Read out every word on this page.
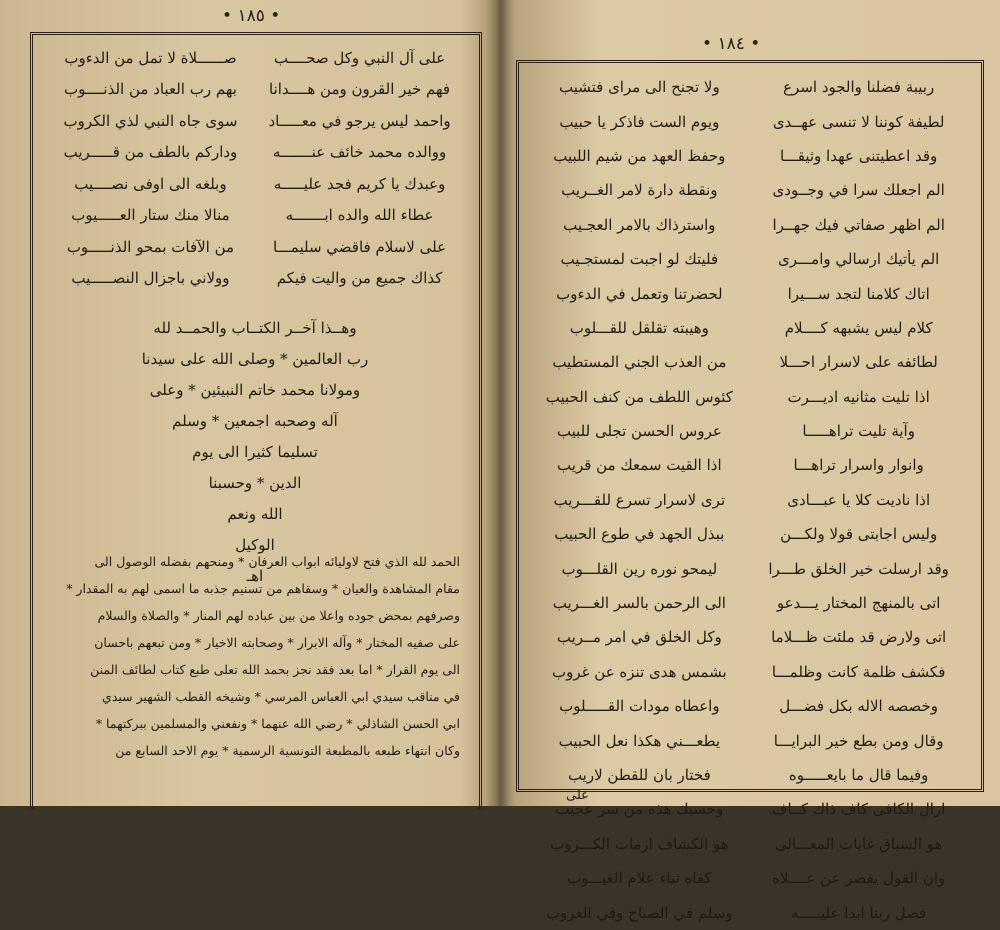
• ١٨٥ •
على آل النبي وكل صحــــب
صــــــلاة لا تمل من الدءوب
فهم خير القرون ومن هــــدانا
بهم رب العباد من الذنــــوب
واحمد ليس يرجو في معـــــاد
سوى جاه النبي لذي الكروب
ووالده محمد خائف عنـــــــه
وداركم بالطف من قـــــريب
وعبدك يا كريم فجد عليـــــه
وبلغه الى اوفى نصــــيب
عطاء الله والده ابـــــــه
منالا منك ستار العـــــيوب
على لاسلام فاقضي سليمـــا
من الآفات بمحو الذنـــــوب
كذاك جميع من واليت فيكم
وولاني باجزال النصـــــيب
وهــذا آخــر الكتــاب والحمــد لله
رب العالمين * وصلى الله على سيدنا
ومولانا محمد خاتم النبيئين * وعلى
آله وصحبه اجمعين * وسلم
تسليما كثيرا الى يوم
الدين * وحسبنا
الله ونعم
الوكيل
اهـ
الحمد لله الذي فتح لاوليائه ابواب العرفان * ومنحهم بفضله الوصول الى
مقام المشاهدة والعيان * وسقاهم من تسنيم جذبه ما اسمى لهم به المقدار *
وصرفهم بمحض جوده واعلا من بين عباده لهم المنار * والصلاة والسلام
على صفيه المختار * وآله الابرار * وصحابته الاخيار * ومن تبعهم باحسان
الى يوم القرار * اما بعد فقد نجز بحمد الله تعلى طبع كتاب لطائف المنن
في مناقب سيدي ابي العباس المرسي * وشيخه القطب الشهير سيدي
ابي الحسن الشاذلي * رضي الله عنهما * ونفعني والمسلمين ببركتهما *
وكان انتهاء طبعه بالمطبعة التونسية الرسمية * يوم الاحد السابع من
• ١٨٤ •
ربيبة فضلنا والجود اسرع
ولا تجنح الى مراى فتشيب
لطيفة كوننا لا تنسى عهــدى
ويوم الست فاذكر يا حبيب
وقد اعطيتنى عهدا وثيقـــا
وحفظ العهد من شيم اللبيب
الم اجعلك سرا في وجــودى
ونقطة دارة لامر الغــريب
الم اظهر صفاتي فيك جهــرا
واسترذاك بالامر العجـيب
الم يأتيك ارسالي وامـــرى
فليتك لو اجبت لمستجـيب
اتاك كلامنا لتجد ســـيرا
لحضرتنا وتعمل في الدءوب
كلام ليس يشبهه كــــلام
وهيبته تقلقل للقـــلوب
لطائفه على لاسرار احـــلا
من العذب الجني المستطيب
اذا تليت مثانيه اديـــرت
كئوس اللطف من كنف الحبيب
وآية تليت تراهـــــا
عروس الحسن تجلى للبيب
وانوار واسرار تراهـــا
اذا القيت سمعك من قريب
اذا ناديت كلا يا عبـــادى
ترى لاسرار تسرع للقـــريب
وليس اجابتى قولا ولكـــن
ببذل الجهد في طوع الحبيب
وقد ارسلت خير الخلق طـــرا
ليمحو نوره رين القلـــوب
اتى بالمنهج المختار يـــدعو
الى الرحمن بالسر الغـــريب
اتى ولارض قد ملئت ظـــلاما
وكل الخلق في امر مــريب
فكشف ظلمة كانت وظلمـــا
بشمس هدى تنزه عن غروب
وخصصه الاله بكل فضـــل
واعطاه مودات القـــــلوب
وقال ومن بطع خير البرايـــا
يطعـــني هكذا نعل الحبيب
وفيما قال ما بايعـــــوه
فختار بان للقطن لاريب
ازال الكافى كاف ذاك كــاف
وحسبك هذه من سر عجيب
هو السباق غايات المعـــالى
هو الكشاف ازمات الكـــروب
وان القول يقصر عن عــــلاه
كفاه ثناء علام الغيـــوب
فصل ربنا ابدا عليـــــه
وسلم في الصباح وفي الغروب
على
